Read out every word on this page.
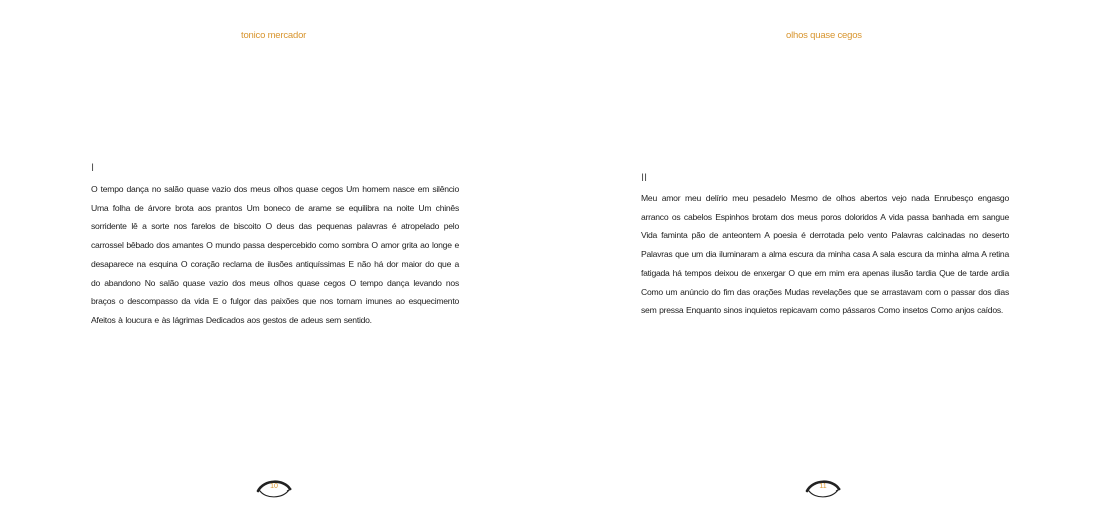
tonico mercador
I

O tempo dança no salão quase vazio dos meus olhos quase cegos Um homem nasce em silêncio Uma folha de árvore brota aos prantos Um boneco de arame se equilibra na noite Um chinês sorridente lê a sorte nos farelos de biscoito O deus das pequenas palavras é atropelado pelo carrossel bêbado dos amantes O mundo passa despercebido como sombra O amor grita ao longe e desaparece na esquina O coração reclama de ilusões antiquíssimas E não há dor maior do que a do abandono No salão quase vazio dos meus olhos quase cegos O tempo dança levando nos braços o descompasso da vida E o fulgor das paixões que nos tornam imunes ao esquecimento Afeitos à loucura e às lágrimas Dedicados aos gestos de adeus sem sentido.

10
olhos quase cegos
II

Meu amor meu delírio meu pesadelo Mesmo de olhos abertos vejo nada Enrubesço engasgo arranco os cabelos Espinhos brotam dos meus poros doloridos A vida passa banhada em sangue Vida faminta pão de anteontem A poesia é derrotada pelo vento Palavras calcinadas no deserto Palavras que um dia iluminaram a alma escura da minha casa A sala escura da minha alma A retina fatigada há tempos deixou de enxergar O que em mim era apenas ilusão tardia Que de tarde ardia Como um anúncio do fim das orações Mudas revelações que se arrastavam com o passar dos dias sem pressa Enquanto sinos inquietos repicavam como pássaros Como insetos Como anjos caídos.

11
